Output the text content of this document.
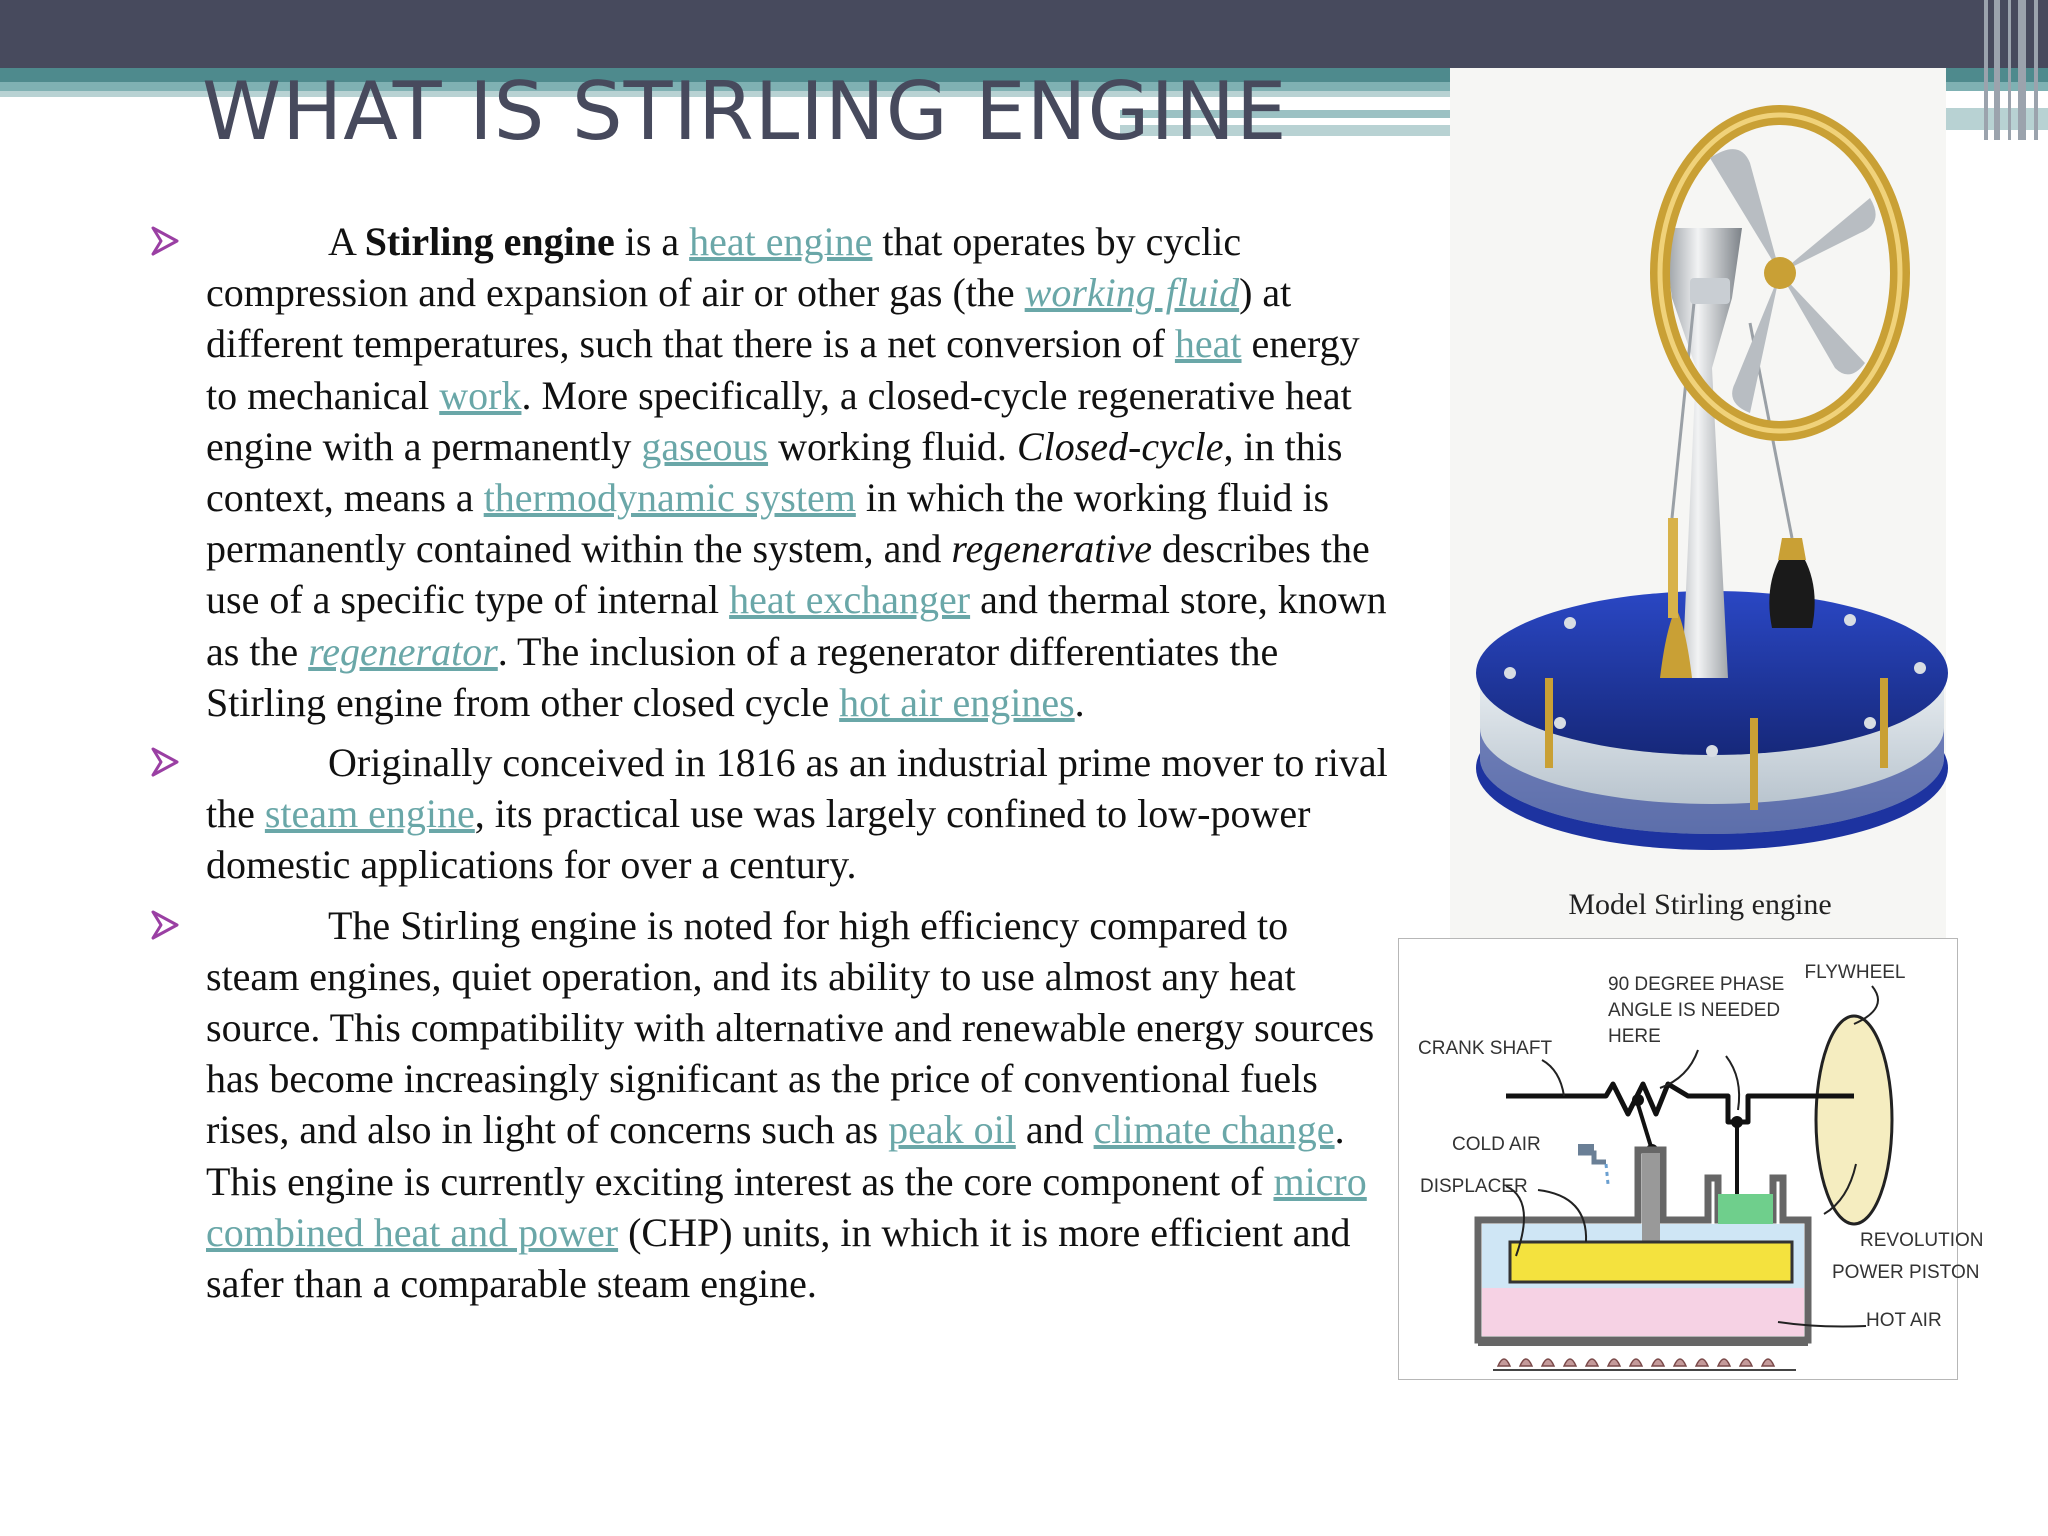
WHAT IS STIRLING ENGINE

A Stirling engine is a heat engine that operates by cyclic compression and expansion of air or other gas (the working fluid) at different temperatures, such that there is a net conversion of heat energy to mechanical work. More specifically, a closed-cycle regenerative heat engine with a permanently gaseous working fluid. Closed-cycle, in this context, means a thermodynamic system in which the working fluid is permanently contained within the system, and regenerative describes the use of a specific type of internal heat exchanger and thermal store, known as the regenerator. The inclusion of a regenerator differentiates the Stirling engine from other closed cycle hot air engines.

Originally conceived in 1816 as an industrial prime mover to rival the steam engine, its practical use was largely confined to low-power domestic applications for over a century.

The Stirling engine is noted for high efficiency compared to steam engines, quiet operation, and its ability to use almost any heat source. This compatibility with alternative and renewable energy sources has become increasingly significant as the price of conventional fuels rises, and also in light of concerns such as peak oil and climate change. This engine is currently exciting interest as the core component of micro combined heat and power (CHP) units, in which it is more efficient and safer than a comparable steam engine.

Model Stirling engine
FLYWHEEL
90 DEGREE PHASE
ANGLE IS NEEDED
HERE
CRANK SHAFT
COLD AIR
DISPLACER
REVOLUTION
POWER PISTON
HOT AIR
